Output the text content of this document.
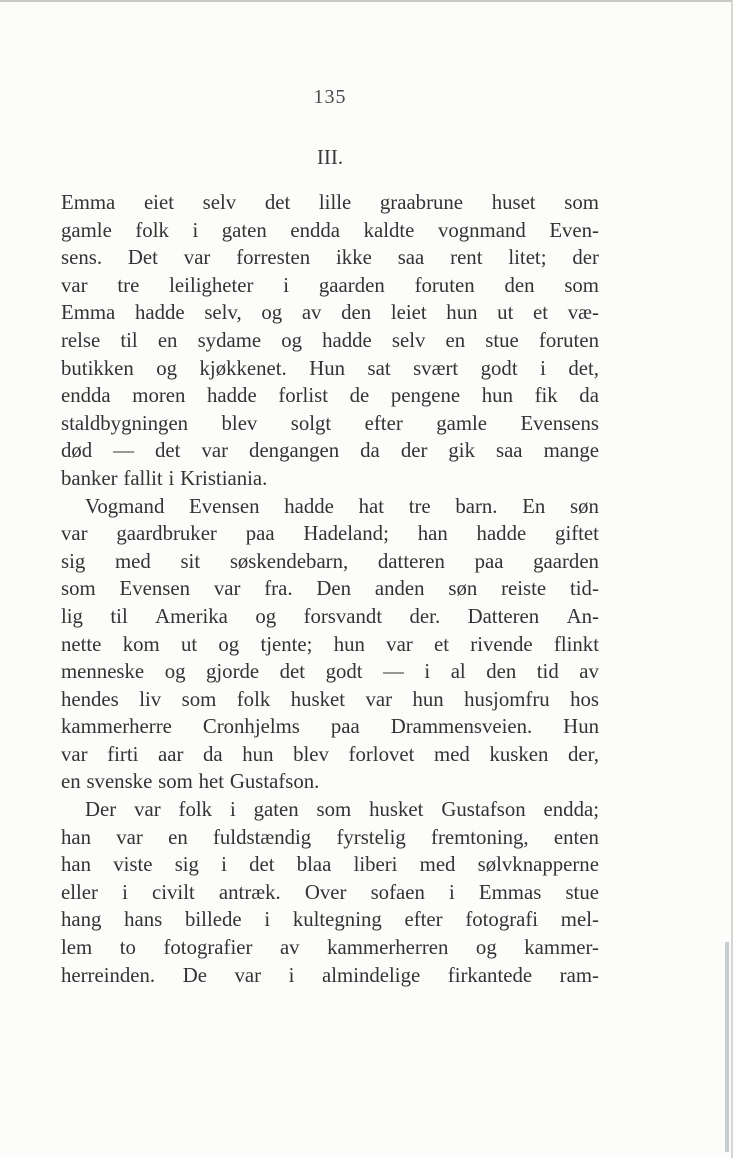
135
III.
Emma eiet selv det lille graabrune huset som
gamle folk i gaten endda kaldte vognmand Even-
sens. Det var forresten ikke saa rent litet; der
var tre leiligheter i gaarden foruten den som
Emma hadde selv, og av den leiet hun ut et væ-
relse til en sydame og hadde selv en stue foruten
butikken og kjøkkenet. Hun sat svært godt i det,
endda moren hadde forlist de pengene hun fik da
staldbygningen blev solgt efter gamle Evensens
død — det var dengangen da der gik saa mange
banker fallit i Kristiania.
Vogmand Evensen hadde hat tre barn. En søn
var gaardbruker paa Hadeland; han hadde giftet
sig med sit søskendebarn, datteren paa gaarden
som Evensen var fra. Den anden søn reiste tid-
lig til Amerika og forsvandt der. Datteren An-
nette kom ut og tjente; hun var et rivende flinkt
menneske og gjorde det godt — i al den tid av
hendes liv som folk husket var hun husjomfru hos
kammerherre Cronhjelms paa Drammensveien. Hun
var firti aar da hun blev forlovet med kusken der,
en svenske som het Gustafson.
Der var folk i gaten som husket Gustafson endda;
han var en fuldstændig fyrstelig fremtoning, enten
han viste sig i det blaa liberi med sølvknapperne
eller i civilt antræk. Over sofaen i Emmas stue
hang hans billede i kultegning efter fotografi mel-
lem to fotografier av kammerherren og kammer-
herreinden. De var i almindelige firkantede ram-
